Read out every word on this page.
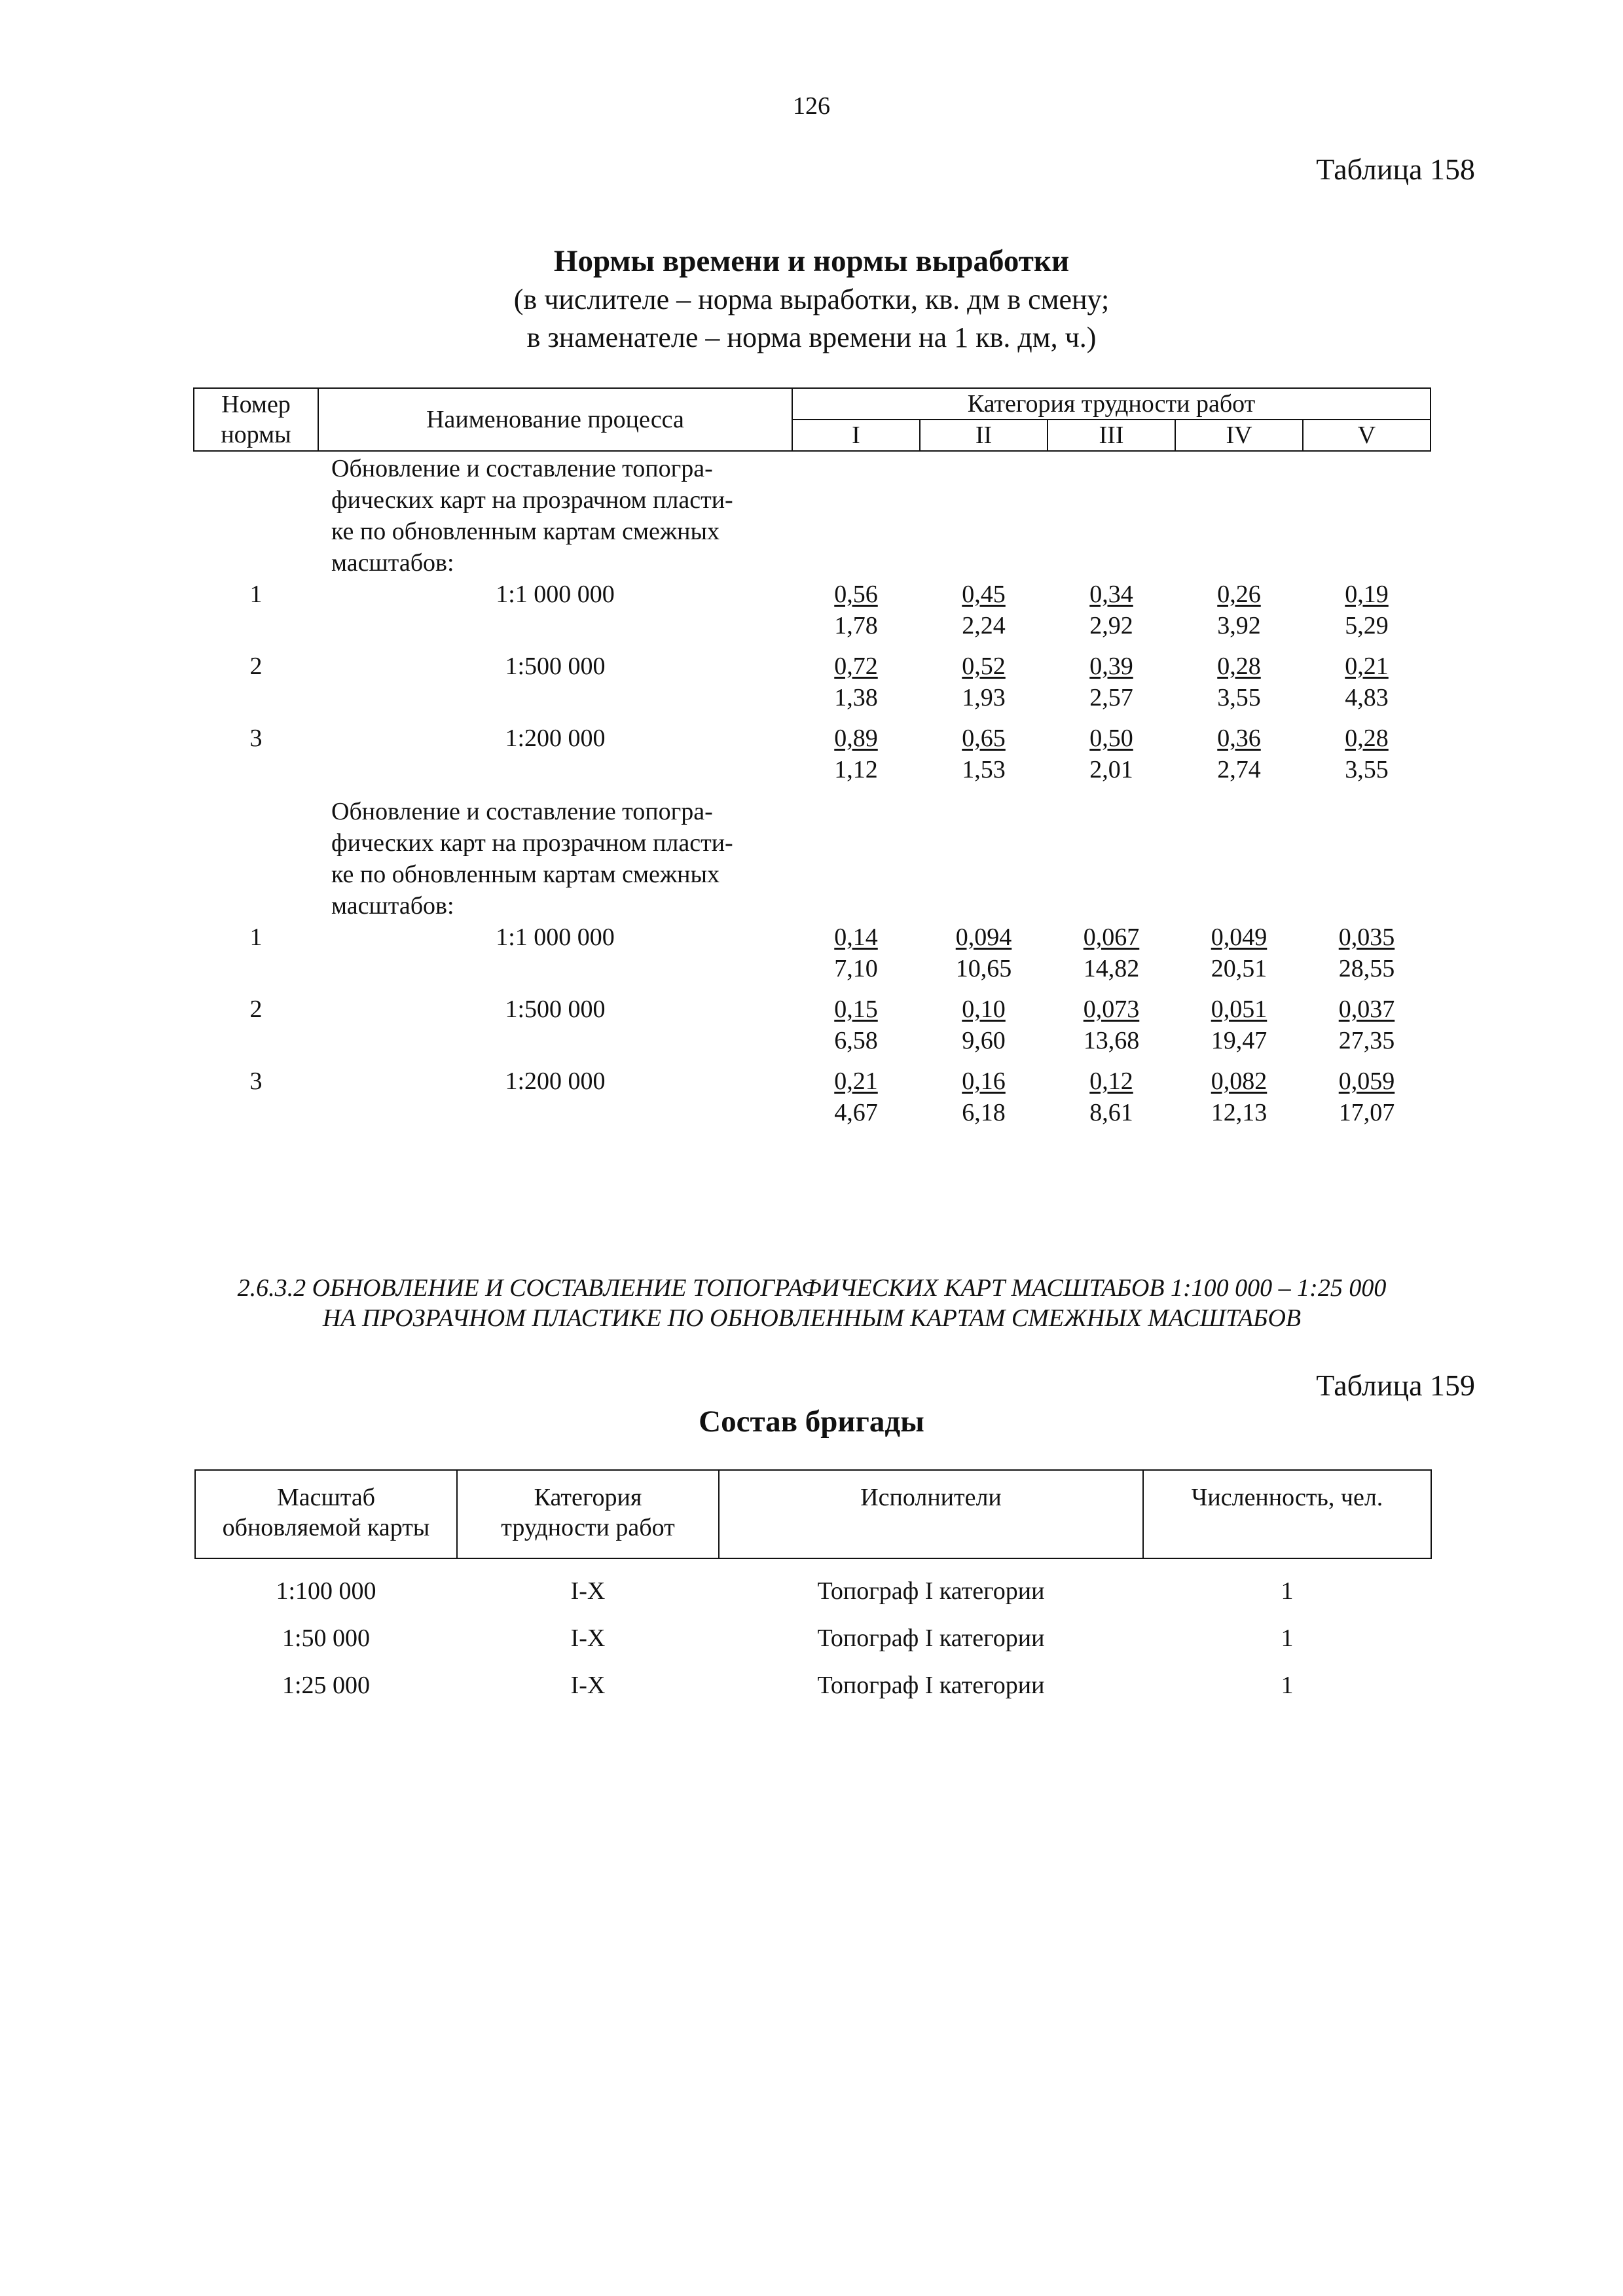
126
Таблица 158
Нормы времени и нормы выработки
(в числителе – норма выработки, кв. дм в смену;
в знаменателе – норма времени на 1 кв. дм, ч.)
Номер
нормы	Наименование процесса	Категория трудности работ				
		I	II	III	IV	V
	Обновление и составление топогра-
фических карт на прозрачном пласти-
ке по обновленным картам смежных
масштабов:					
1	1:1 000 000	$\frac{0,56}{1,78}$	$\frac{0,45}{2,24}$	$\frac{0,34}{2,92}$	$\frac{0,26}{3,92}$	$\frac{0,19}{5,29}$

2	1:500 000	$\frac{0,72}{1,38}$	$\frac{0,52}{1,93}$	$\frac{0,39}{2,57}$	$\frac{0,28}{3,55}$	$\frac{0,21}{4,83}$

3	1:200 000	$\frac{0,89}{1,12}$	$\frac{0,65}{1,53}$	$\frac{0,50}{2,01}$	$\frac{0,36}{2,74}$	$\frac{0,28}{3,55}$

	Обновление и составление топогра-
фических карт на прозрачном пласти-
ке по обновленным картам смежных
масштабов:					
1	1:1 000 000	$\frac{0,14}{7,10}$	$\frac{0,094}{10,65}$	$\frac{0,067}{14,82}$	$\frac{0,049}{20,51}$	$\frac{0,035}{28,55}$

2	1:500 000	$\frac{0,15}{6,58}$	$\frac{0,10}{9,60}$	$\frac{0,073}{13,68}$	$\frac{0,051}{19,47}$	$\frac{0,037}{27,35}$

3	1:200 000	$\frac{0,21}{4,67}$	$\frac{0,16}{6,18}$	$\frac{0,12}{8,61}$	$\frac{0,082}{12,13}$	$\frac{0,059}{17,07}$
2.6.3.2 ОБНОВЛЕНИЕ И СОСТАВЛЕНИЕ ТОПОГРАФИЧЕСКИХ КАРТ МАСШТАБОВ 1:100 000 – 1:25 000
НА ПРОЗРАЧНОМ ПЛАСТИКЕ ПО ОБНОВЛЕННЫМ КАРТАМ СМЕЖНЫХ МАСШТАБОВ
Таблица 159
Состав бригады
Масштаб
обновляемой карты	Категория
трудности работ	Исполнители	Численность, чел.
1:100 000	I-X	Топограф I категории	1
1:50 000	I-X	Топограф I категории	1
1:25 000	I-X	Топограф I категории	1
